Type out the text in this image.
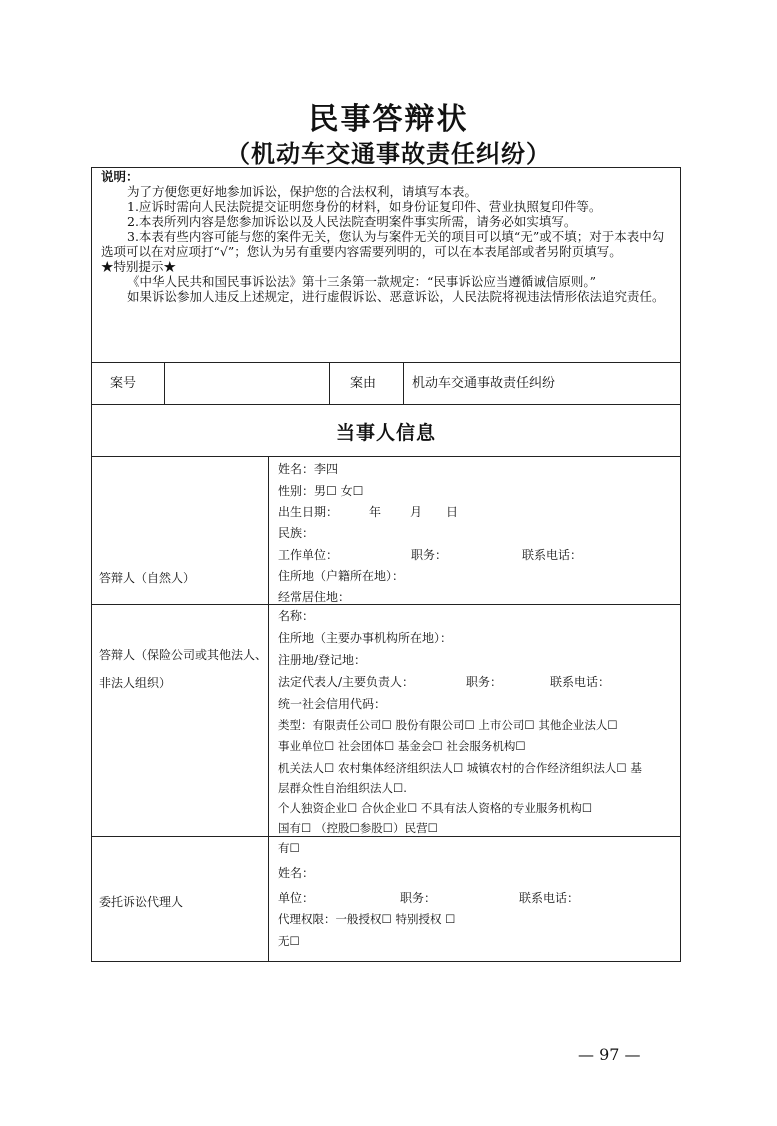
民事答辩状
（机动车交通事故责任纠纷）

说明：

为了方便您更好地参加诉讼，保护您的合法权利，请填写本表。

1.应诉时需向人民法院提交证明您身份的材料，如身份证复印件、营业执照复印件等。

2.本表所列内容是您参加诉讼以及人民法院查明案件事实所需，请务必如实填写。

3.本表有些内容可能与您的案件无关，您认为与案件无关的项目可以填“无”或不填；对于本表中勾选项可以在对应项打“√”；您认为另有重要内容需要列明的，可以在本表尾部或者另附页填写。

★特别提示★

《中华人民共和国民事诉讼法》第十三条第一款规定：“民事诉讼应当遵循诚信原则。”

如果诉讼参加人违反上述规定，进行虚假诉讼、恶意诉讼，人民法院将视违法情形依法追究责任。

案号	案由	机动车交通事故责任纠纷
当事人信息
答辩人（自然人）
姓名：李四
性别：男☐ 女☐
出生日期：	年 月 日
民族：
工作单位：	职务：	联系电话：
住所地（户籍所在地）：
经常居住地：
答辩人（保险公司或其他法人、
非法人组织）
名称：
住所地（主要办事机构所在地）：
注册地/登记地：
法定代表人/主要负责人：	职务：	联系电话：
统一社会信用代码：
类型：有限责任公司☐ 股份有限公司☐ 上市公司☐ 其他企业法人☐
事业单位☐ 社会团体☐ 基金会☐ 社会服务机构☐
机关法人☐ 农村集体经济组织法人☐ 城镇农村的合作经济组织法人☐ 基
层群众性自治组织法人☐.
个人独资企业☐ 合伙企业☐ 不具有法人资格的专业服务机构☐
国有☐ （控股☐参股☐）民营☐
委托诉讼代理人
有☐
姓名：
单位：	职务：	联系电话：
代理权限：一般授权☐ 特别授权 ☐
无☐
— 97 —
